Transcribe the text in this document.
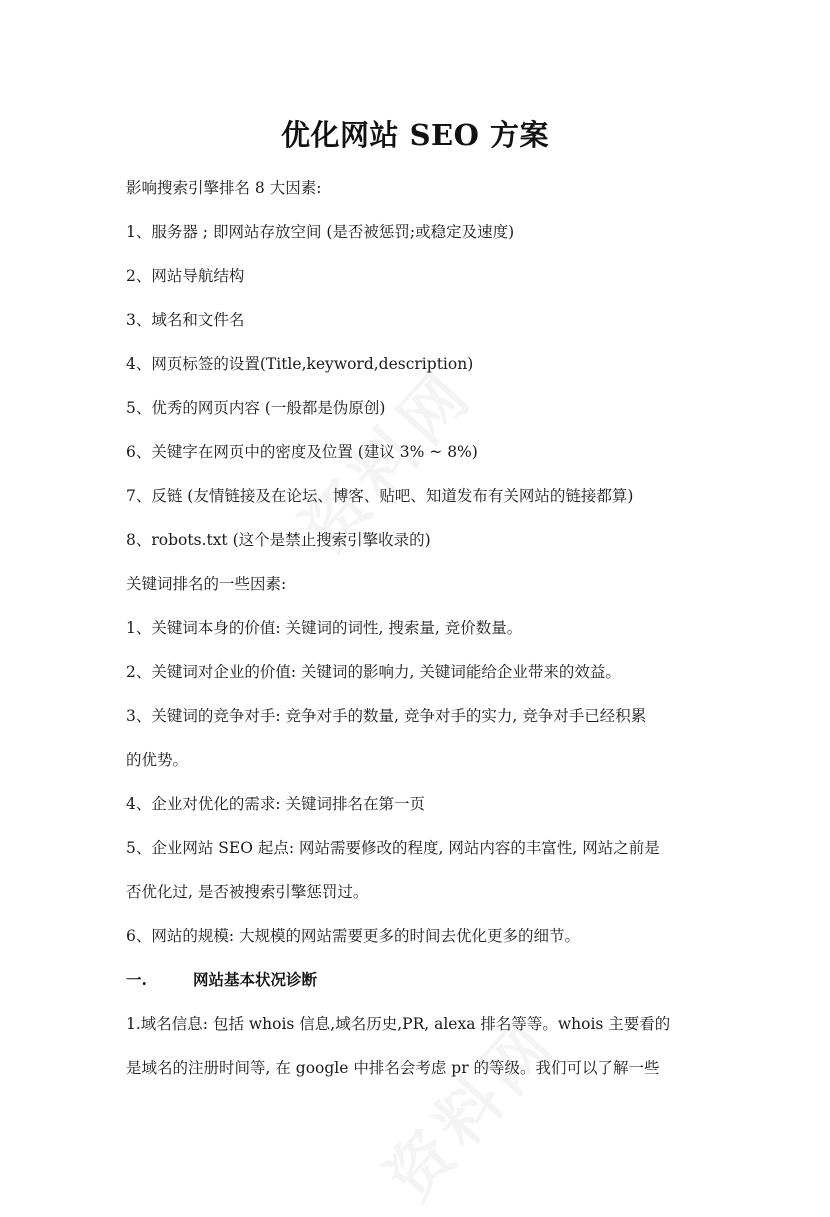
优化网站 SEO 方案
影响搜索引擎排名 8 大因素:
1、服务器 ; 即网站存放空间 (是否被惩罚;或稳定及速度)
2、网站导航结构
3、域名和文件名
4、网页标签的设置(Title,keyword,description)
5、优秀的网页内容 (一般都是伪原创)
6、关键字在网页中的密度及位置 (建议 3% ~ 8%)
7、反链 (友情链接及在论坛、博客、贴吧、知道发布有关网站的链接都算)
8、robots.txt (这个是禁止搜索引擎收录的)
关键词排名的一些因素:
1、关键词本身的价值: 关键词的词性, 搜索量, 竞价数量。
2、关键词对企业的价值: 关键词的影响力, 关键词能给企业带来的效益。
3、关键词的竞争对手: 竞争对手的数量, 竞争对手的实力, 竞争对手已经积累
的优势。
4、企业对优化的需求: 关键词排名在第一页
5、企业网站 SEO 起点: 网站需要修改的程度, 网站内容的丰富性, 网站之前是
否优化过, 是否被搜索引擎惩罚过。
6、网站的规模: 大规模的网站需要更多的时间去优化更多的细节。
一.	网站基本状况诊断
1.域名信息: 包括 whois 信息,域名历史,PR, alexa 排名等等。whois 主要看的
是域名的注册时间等, 在 google 中排名会考虑 pr 的等级。我们可以了解一些
